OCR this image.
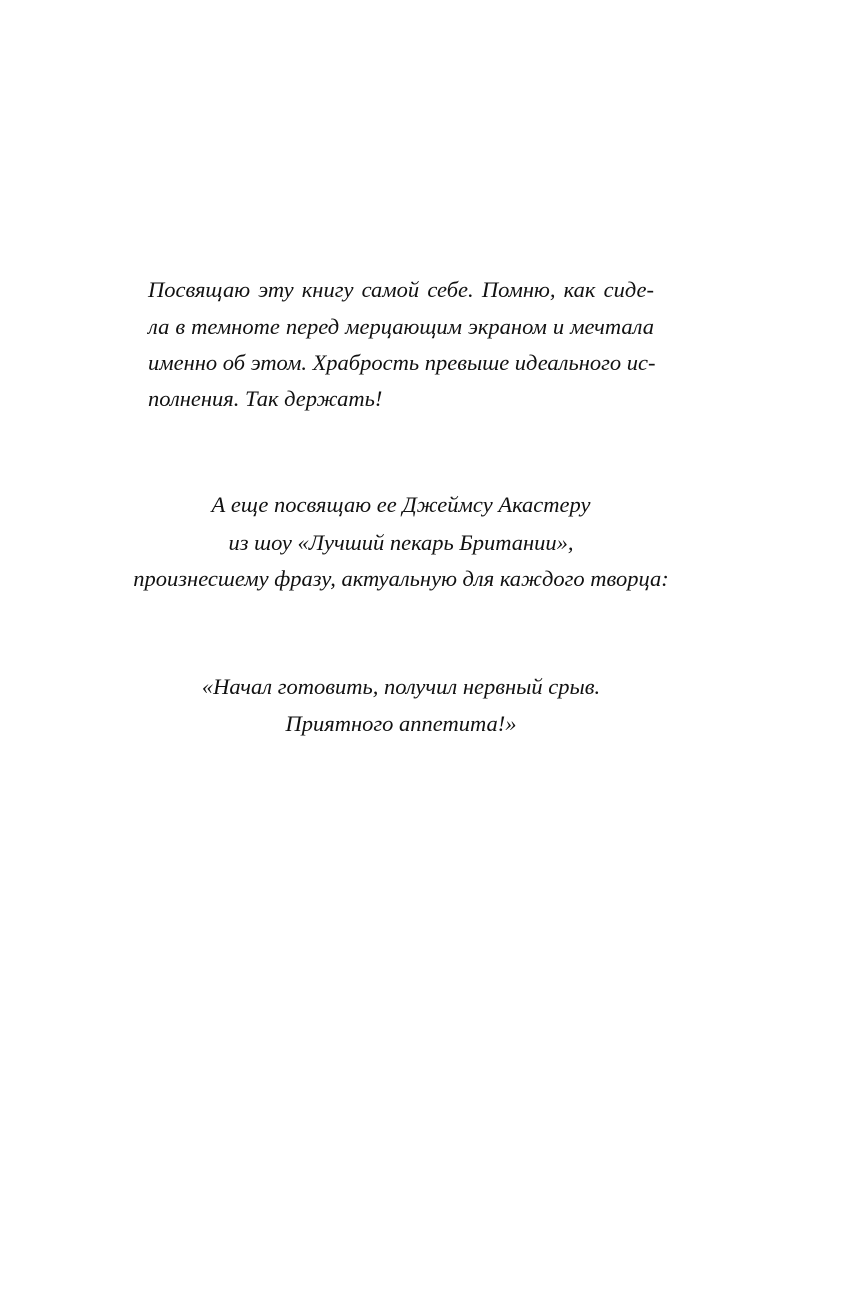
Посвящаю эту книгу самой себе. Помню, как сиде-
ла в темноте перед мерцающим экраном и мечтала
именно об этом. Храбрость превыше идеального ис-
полнения. Так держать!
А еще посвящаю ее Джеймсу Акастеру
из шоу «Лучший пекарь Британии»,
произнесшему фразу, актуальную для каждого творца:
«Начал готовить, получил нервный срыв.
Приятного аппетита!»
